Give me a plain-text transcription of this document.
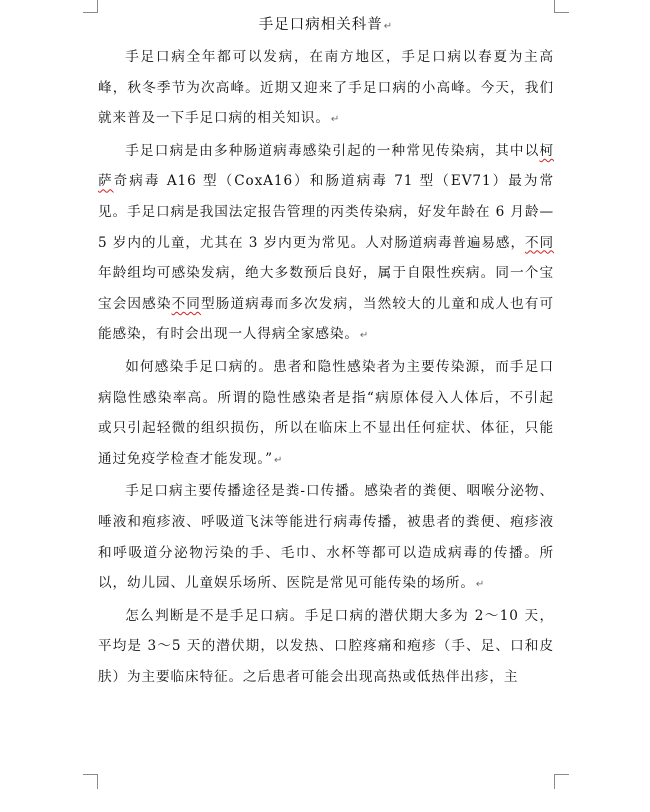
手足口病相关科普↵

手足口病全年都可以发病，在南方地区，手足口病以春夏为主高峰，秋冬季节为次高峰。近期又迎来了手足口病的小高峰。今天，我们就来普及一下手足口病的相关知识。↵

手足口病是由多种肠道病毒感染引起的一种常见传染病，其中以柯萨奇病毒 A16 型（CoxA16）和肠道病毒 71 型（EV71）最为常见。手足口病是我国法定报告管理的丙类传染病，好发年龄在 6 月龄—5 岁内的儿童，尤其在 3 岁内更为常见。人对肠道病毒普遍易感，不同年龄组均可感染发病，绝大多数预后良好，属于自限性疾病。同一个宝宝会因感染不同型肠道病毒而多次发病，当然较大的儿童和成人也有可能感染，有时会出现一人得病全家感染。↵

如何感染手足口病的。患者和隐性感染者为主要传染源，而手足口病隐性感染率高。所谓的隐性感染者是指“病原体侵入人体后，不引起或只引起轻微的组织损伤，所以在临床上不显出任何症状、体征，只能通过免疫学检查才能发现。”↵

手足口病主要传播途径是粪-口传播。感染者的粪便、咽喉分泌物、唾液和疱疹液、呼吸道飞沫等能进行病毒传播，被患者的粪便、疱疹液和呼吸道分泌物污染的手、毛巾、水杯等都可以造成病毒的传播。所以，幼儿园、儿童娱乐场所、医院是常见可能传染的场所。↵

怎么判断是不是手足口病。手足口病的潜伏期大多为 2～10 天，平均是 3～5 天的潜伏期，以发热、口腔疼痛和疱疹（手、足、口和皮肤）为主要临床特征。之后患者可能会出现高热或低热伴出疹，主
